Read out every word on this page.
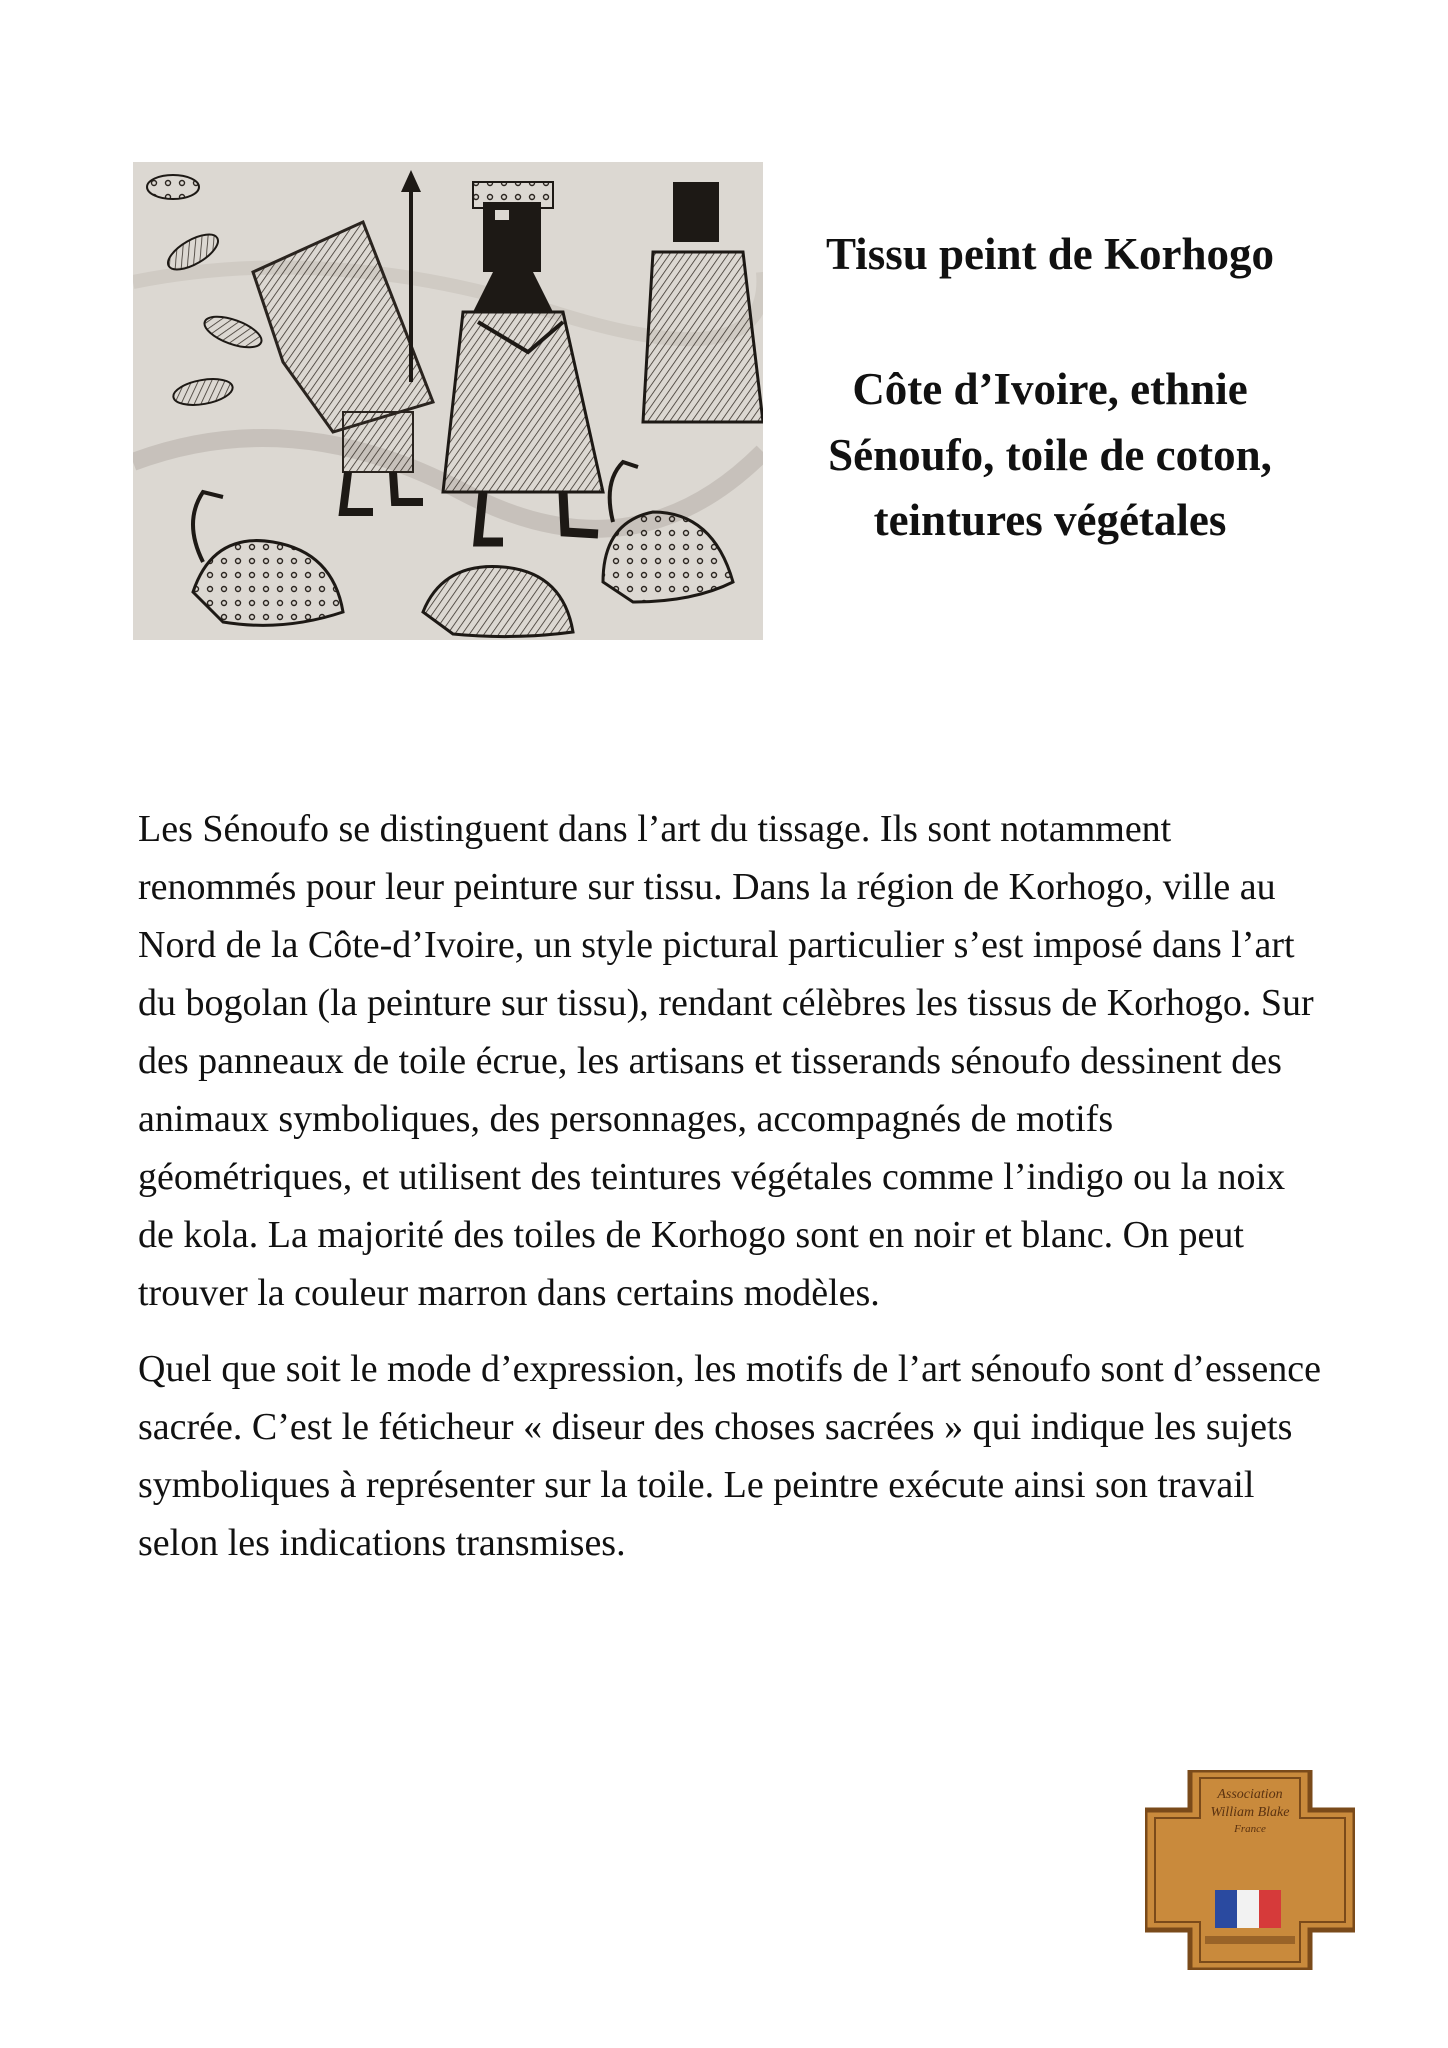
Tissu peint de Korhogo

Côte d’Ivoire, ethnie

Sénoufo, toile de coton,

teintures végétales

Les Sénoufo se distinguent dans l’art du tissage. Ils sont notamment renommés pour leur peinture sur tissu. Dans la région de Korhogo, ville au Nord de la Côte-d’Ivoire, un style pictural particulier s’est imposé dans l’art du bogolan (la peinture sur tissu), rendant célèbres les tissus de Korhogo. Sur des panneaux de toile écrue, les artisans et tisserands sénoufo dessinent des animaux symboliques, des personnages, accompagnés de motifs géométriques, et utilisent des teintures végétales comme l’indigo ou la noix de kola. La majorité des toiles de Korhogo sont en noir et blanc. On peut trouver la couleur marron dans certains modèles.

Quel que soit le mode d’expression, les motifs de l’art sénoufo sont d’essence sacrée. C’est le féticheur « diseur des choses sacrées » qui indique les sujets symboliques à représenter sur la toile. Le peintre exécute ainsi son travail selon les indications transmises.

Association
William Blake
France
